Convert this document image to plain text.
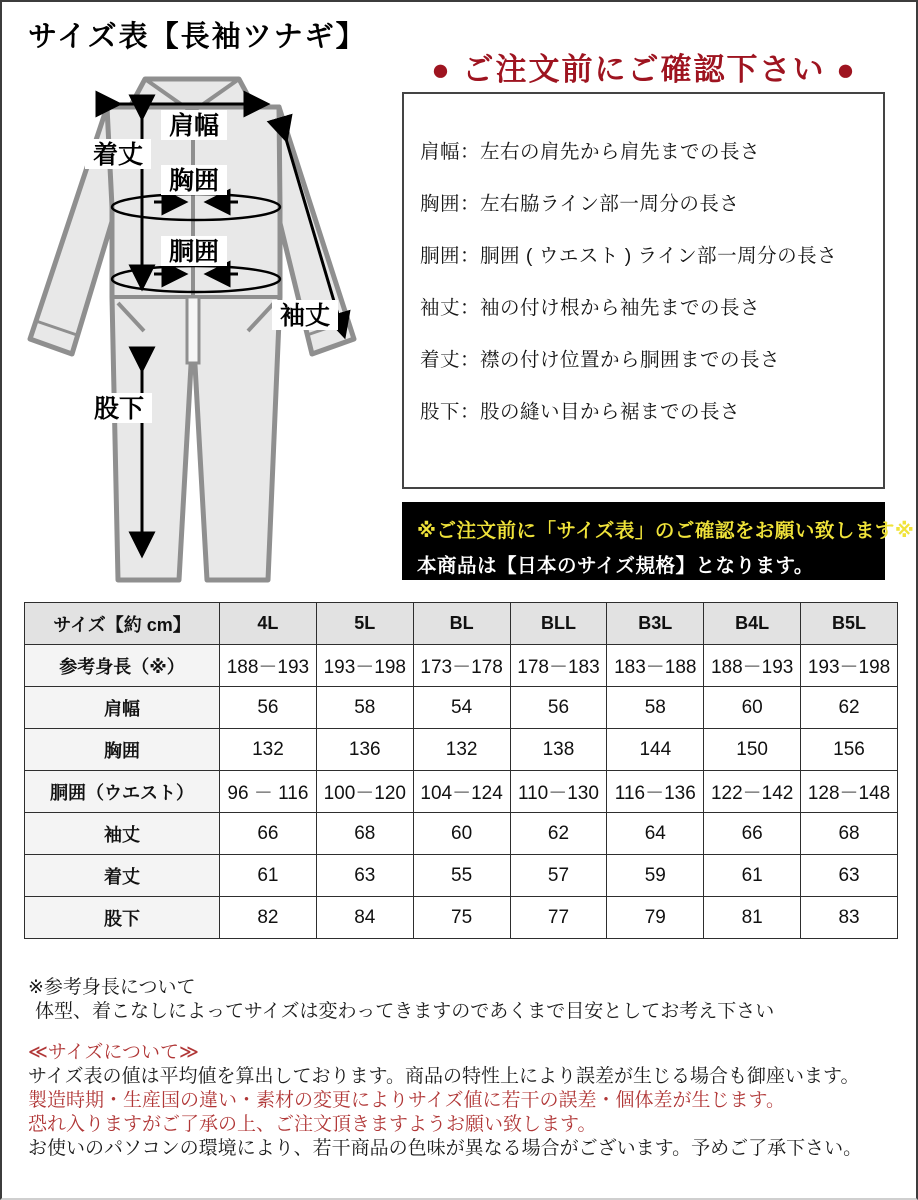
サイズ表【長袖ツナギ】
肩幅
着丈
胸囲
胴囲
袖丈
股下
● ご注文前にご確認下さい ●
肩幅：左右の肩先から肩先までの長さ
胸囲：左右脇ライン部一周分の長さ
胴囲：胴囲 ( ウエスト ) ライン部一周分の長さ
袖丈：袖の付け根から袖先までの長さ
着丈：襟の付け位置から胴囲までの長さ
股下：股の縫い目から裾までの長さ
※ご注文前に「サイズ表」のご確認をお願い致します※
本商品は【日本のサイズ規格】となります。
サイズ【約 cm】	4L	5L	BL	BLL	B3L	B4L	B5L
参考身長（※）	188－193	193－198	173－178	178－183	183－188	188－193	193－198
肩幅	56	58	54	56	58	60	62
胸囲	132	136	132	138	144	150	156
胴囲（ウエスト）	96 － 116	100－120	104－124	110－130	116－136	122－142	128－148
袖丈	66	68	60	62	64	66	68
着丈	61	63	55	57	59	61	63
股下	82	84	75	77	79	81	83
※参考身長について
体型、着こなしによってサイズは変わってきますのであくまで目安としてお考え下さい
≪サイズについて≫
サイズ表の値は平均値を算出しております。商品の特性上により誤差が生じる場合も御座います。
製造時期・生産国の違い・素材の変更によりサイズ値に若干の誤差・個体差が生じます。
恐れ入りますがご了承の上、ご注文頂きますようお願い致します。
お使いのパソコンの環境により、若干商品の色味が異なる場合がございます。予めご了承下さい。
